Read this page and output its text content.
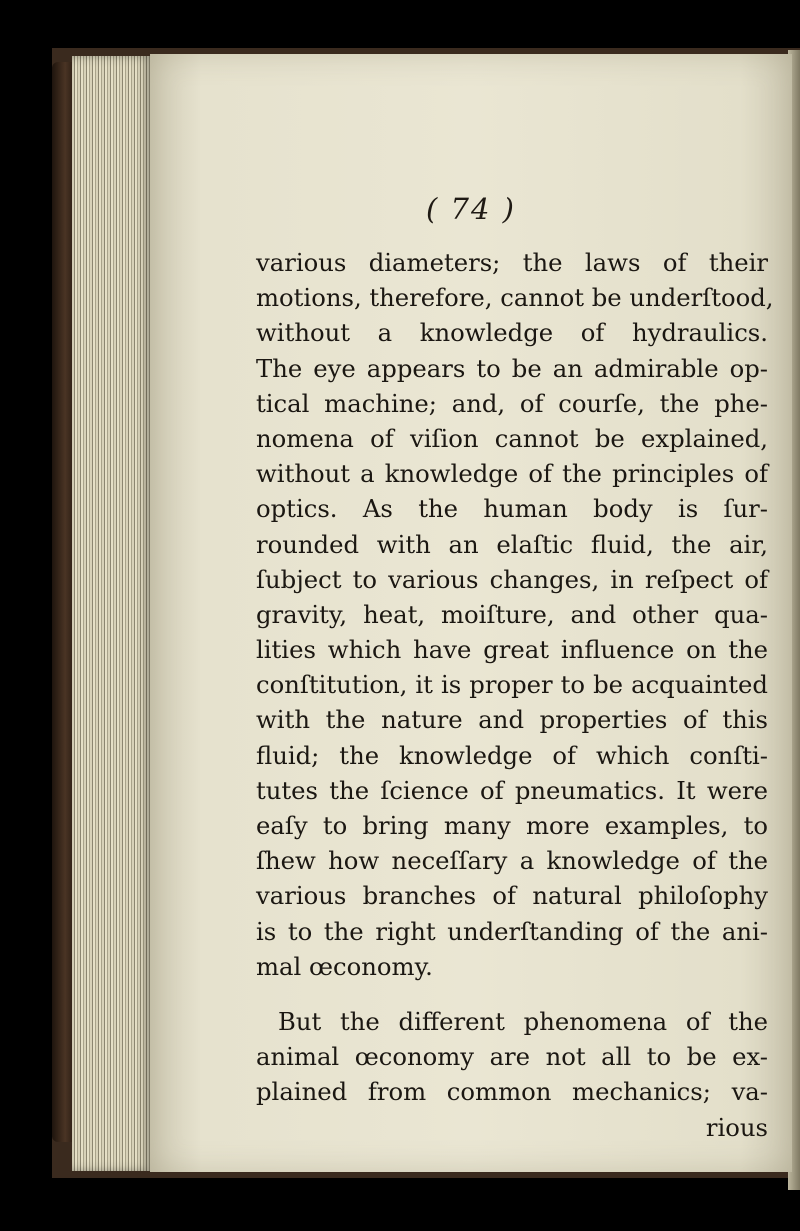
( 74 )
various diameters; the laws of their
motions, therefore, cannot be underſtood,
without a knowledge of hydraulics.
The eye appears to be an admirable op-
tical machine; and, of courſe, the phe-
nomena of viſion cannot be explained,
without a knowledge of the principles of
optics. As the human body is ſur-
rounded with an elaſtic fluid, the air,
ſubject to various changes, in reſpect of
gravity, heat, moiſture, and other qua-
lities which have great influence on the
conſtitution, it is proper to be acquainted
with the nature and properties of this
fluid; the knowledge of which conſti-
tutes the ſcience of pneumatics. It were
eaſy to bring many more examples, to
ſhew how neceſſary a knowledge of the
various branches of natural philoſophy
is to the right underſtanding of the ani-
mal œconomy.
But the different phenomena of the
animal œconomy are not all to be ex-
plained from common mechanics; va-
rious
